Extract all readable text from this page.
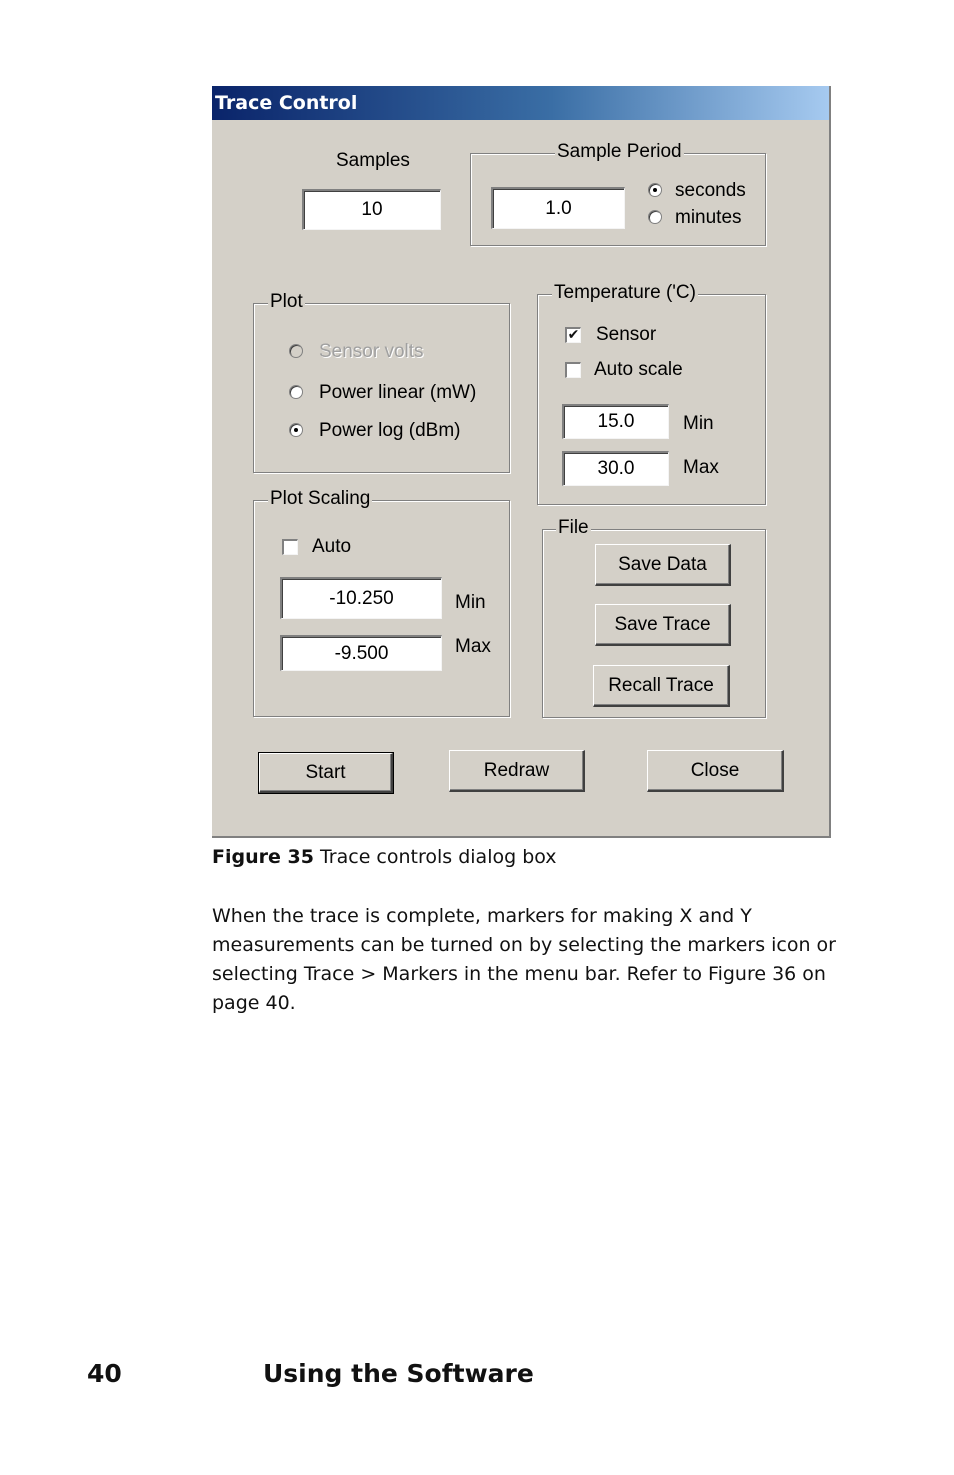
Trace Control
Samples
10
Sample Period
1.0
seconds
minutes
Plot
Sensor volts
Power linear (mW)
Power log (dBm)
Temperature ('C)
✔ Sensor
Auto scale
15.0	Min
30.0	Max
Plot Scaling
Auto
-10.250	Min
-9.500	Max
File
Save Data
Save Trace
Recall Trace
Start	Redraw	Close
Figure 35 Trace controls dialog box
When the trace is complete, markers for making X and Y measurements can be turned on by selecting the markers icon or selecting Trace > Markers in the menu bar. Refer to Figure 36 on page 40.
40	Using the Software
